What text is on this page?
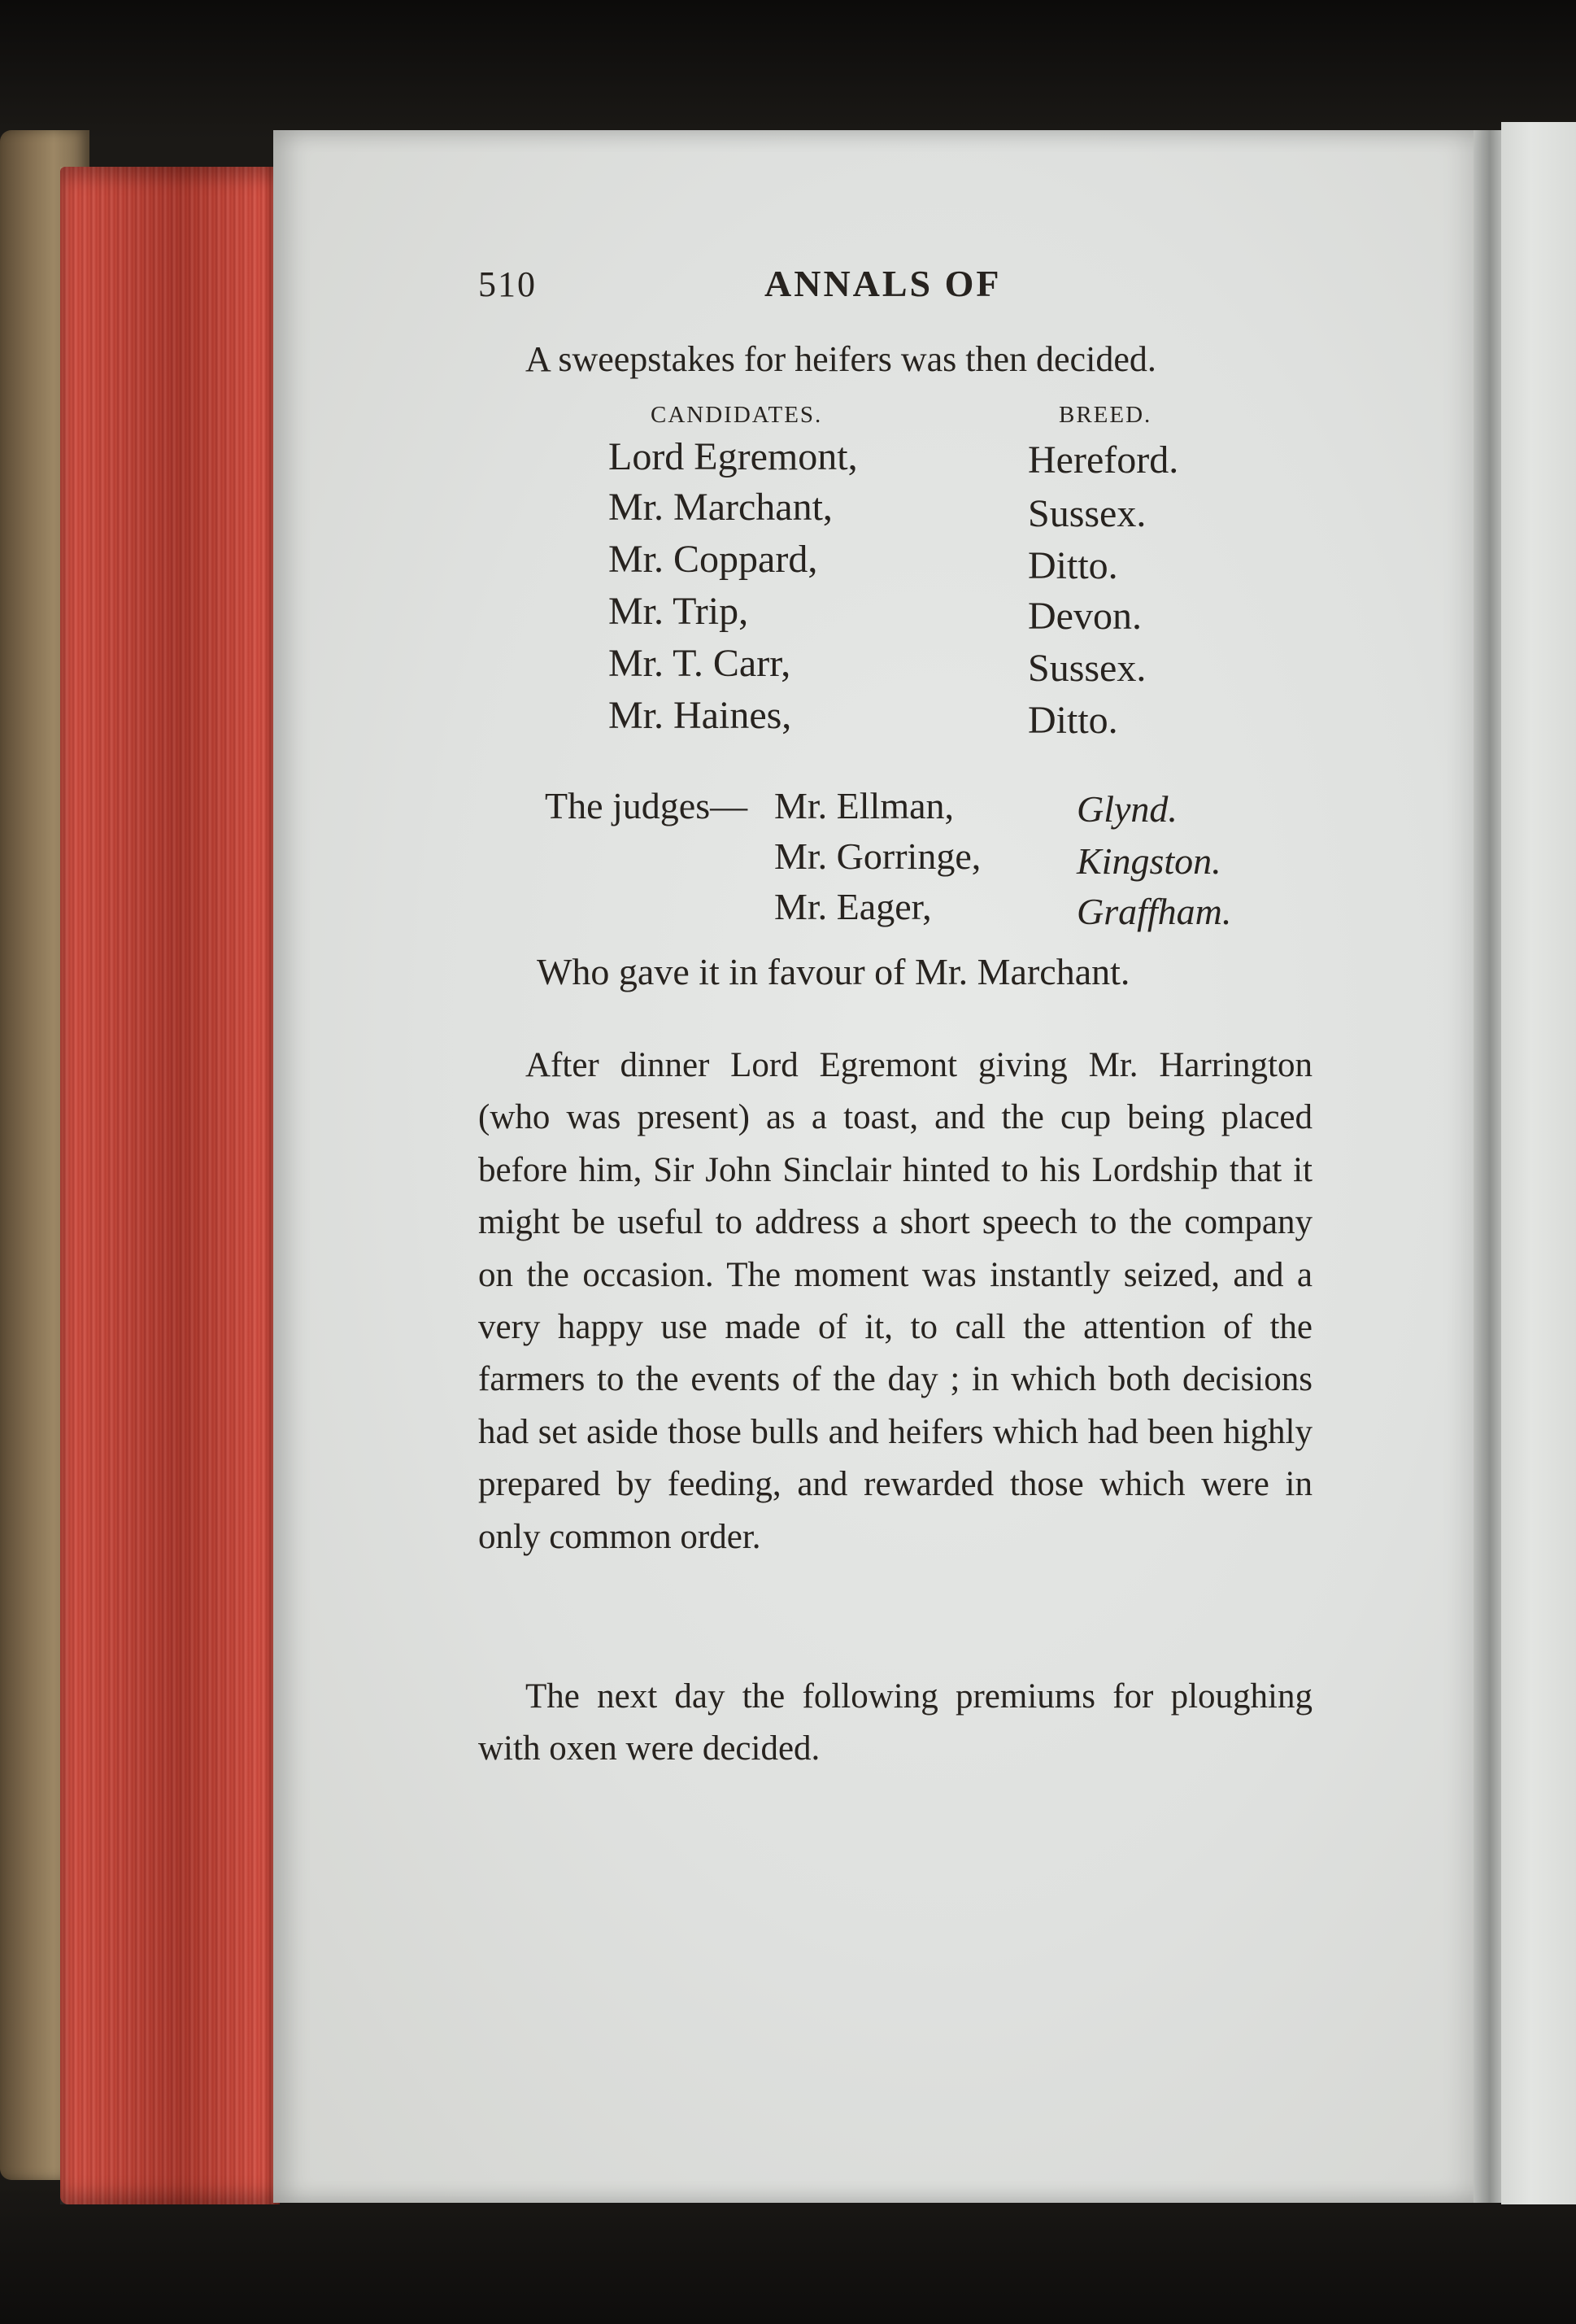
510	ANNALS OF
A sweepstakes for heifers was then decided.
CANDIDATES.	BREED.
Lord Egremont,	Hereford.
Mr. Marchant,	Sussex.
Mr. Coppard,	Ditto.
Mr. Trip,	Devon.
Mr. T. Carr,	Sussex.
Mr. Haines,	Ditto.
The judges— Mr. Ellman,	Glynd.
Mr. Gorringe,	Kingston.
Mr. Eager,	Graffham.
Who gave it in favour of Mr. Marchant.

After dinner Lord Egremont giving Mr. Harrington (who was present) as a toast, and the cup being placed before him, Sir John Sinclair hinted to his Lordship that it might be useful to address a short speech to the company on the occasion. The moment was instantly seized, and a very happy use made of it, to call the attention of the farmers to the events of the day ; in which both decisions had set aside those bulls and heifers which had been highly prepared by feeding, and rewarded those which were in only common order.

The next day the following premiums for ploughing with oxen were decided.
